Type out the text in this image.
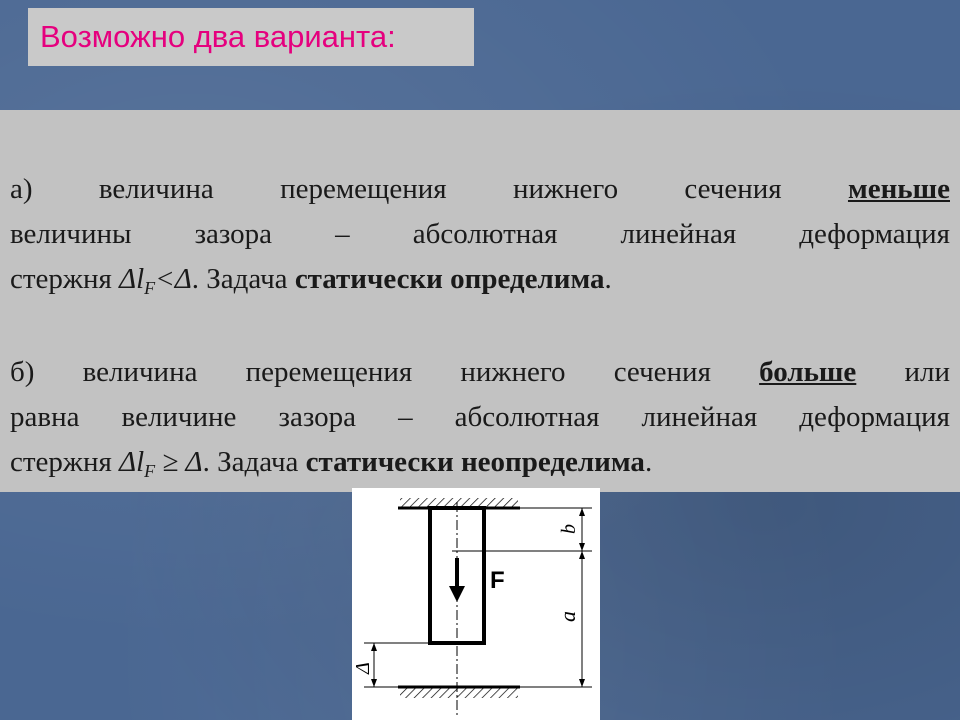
Возможно два варианта:
а) величина перемещения нижнего сечения меньше
величины зазора – абсолютная линейная деформация
стержня $\Delta l_F<\Delta$. Задача статически определима.
б) величина перемещения нижнего сечения больше или
равна величине зазора – абсолютная линейная деформация
стержня $\Delta l_F \ge \Delta$. Задача статически неопределима.
F
b
a
Δ
